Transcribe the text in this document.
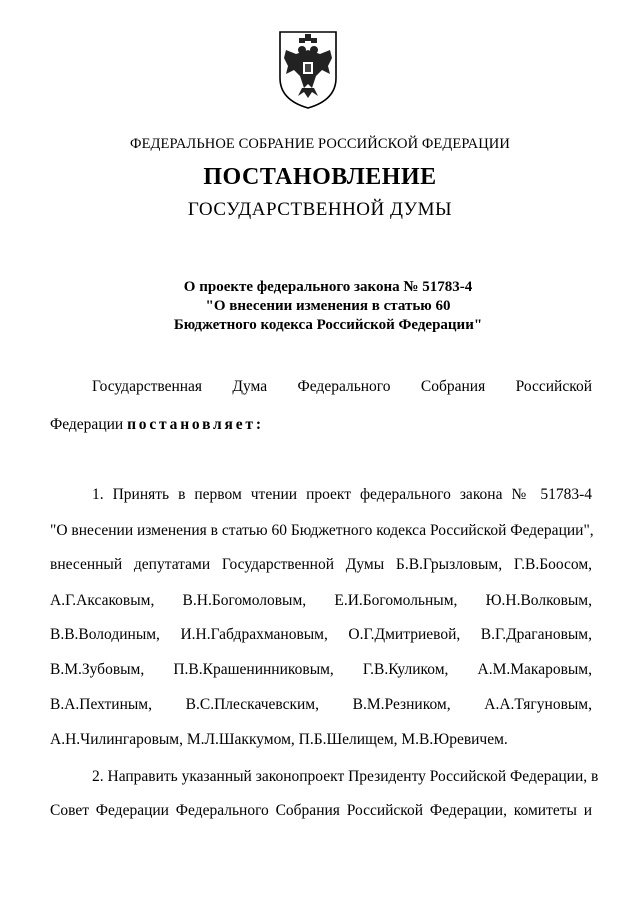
ФЕДЕРАЛЬНОЕ СОБРАНИЕ РОССИЙСКОЙ ФЕДЕРАЦИИ
ПОСТАНОВЛЕНИЕ
ГОСУДАРСТВЕННОЙ ДУМЫ
О проекте федерального закона № 51783-4
"О внесении изменения в статью 60
Бюджетного кодекса Российской Федерации"
Государственная Дума Федерального Собрания Российской
Федерации постановляет:
1. Принять в первом чтении проект федерального закона № 51783-4
"О внесении изменения в статью 60 Бюджетного кодекса Российской Федерации",
внесенный депутатами Государственной Думы Б.В.Грызловым, Г.В.Боосом,
А.Г.Аксаковым, В.Н.Богомоловым, Е.И.Богомольным, Ю.Н.Волковым,
В.В.Володиным, И.Н.Габдрахмановым, О.Г.Дмитриевой, В.Г.Драгановым,
В.М.Зубовым, П.В.Крашенинниковым, Г.В.Куликом, А.М.Макаровым,
В.А.Пехтиным, В.С.Плескачевским, В.М.Резником, А.А.Тягуновым,
А.Н.Чилингаровым, М.Л.Шаккумом, П.Б.Шелищем, М.В.Юревичем.
2. Направить указанный законопроект Президенту Российской Федерации, в
Совет Федерации Федерального Собрания Российской Федерации, комитеты и
